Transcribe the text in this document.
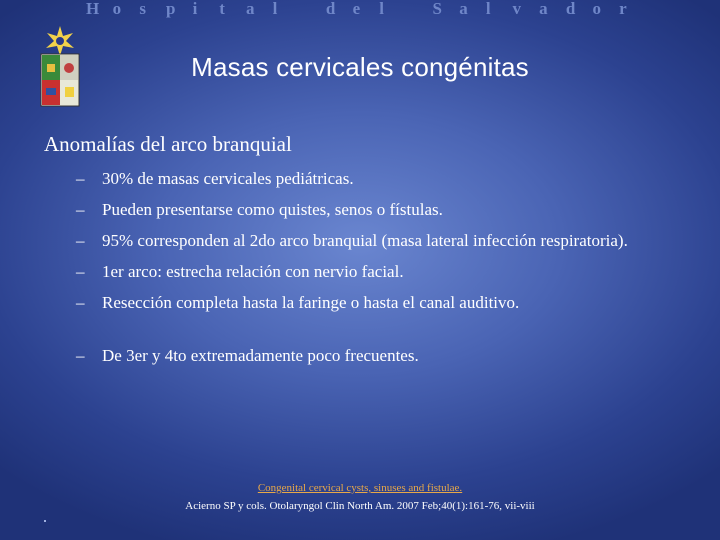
H o s p i t a l	d e l	S a l v a d o r
Masas cervicales congénitas
Anomalías del arco branquial
– 30% de masas cervicales pediátricas.
– Pueden presentarse como quistes, senos o fístulas.
– 95% corresponden al 2do arco branquial (masa lateral infección respiratoria).
– 1er arco: estrecha relación con nervio facial.
– Resección completa hasta la faringe o hasta el canal auditivo.
– De 3er y 4to extremadamente poco frecuentes.
Congenital cervical cysts, sinuses and fistulae.
Acierno SP y cols. Otolaryngol Clin North Am. 2007 Feb;40(1):161-76, vii-viii
